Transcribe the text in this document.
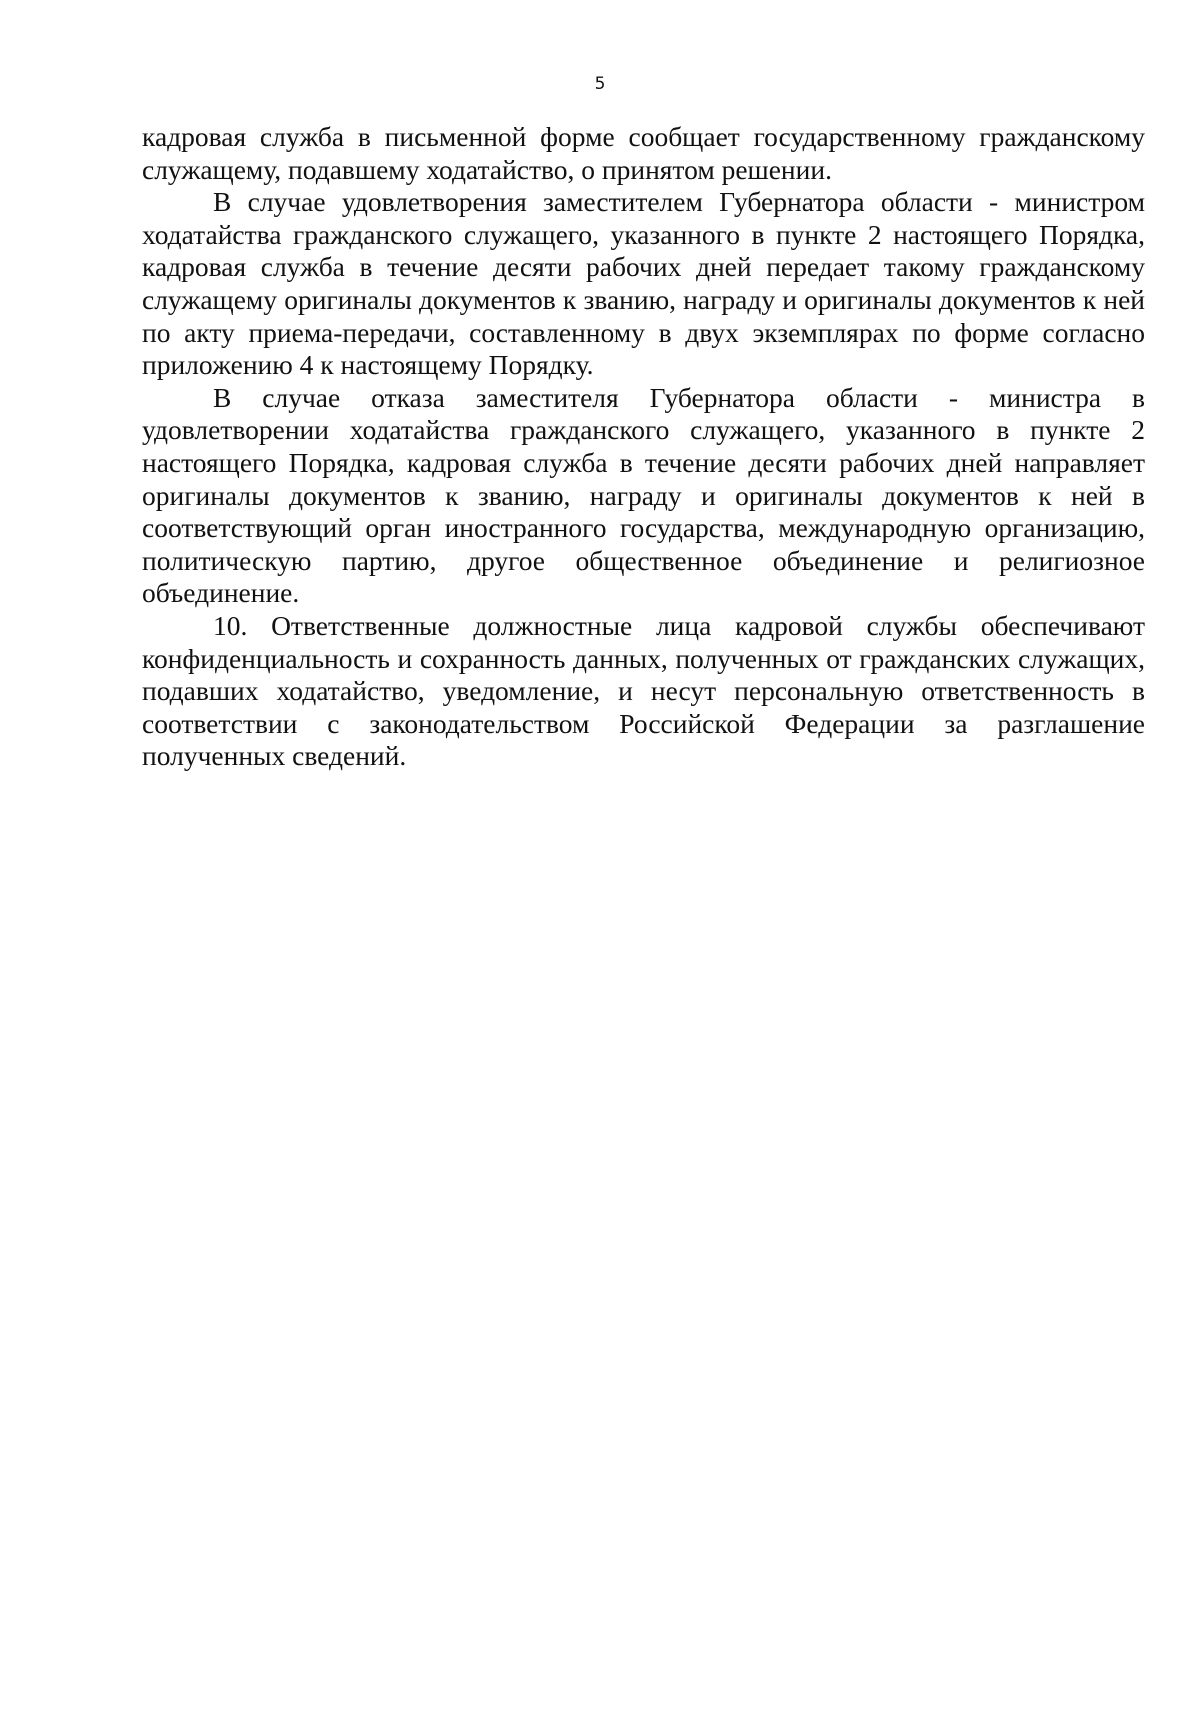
5

кадровая служба в письменной форме сообщает государственному гражданскому служащему, подавшему ходатайство, о принятом решении.

В случае удовлетворения заместителем Губернатора области - министром ходатайства гражданского служащего, указанного в пункте 2 настоящего Порядка, кадровая служба в течение десяти рабочих дней передает такому гражданскому служащему оригиналы документов к званию, награду и оригиналы документов к ней по акту приема-передачи, составленному в двух экземплярах по форме согласно приложению 4 к настоящему Порядку.

В случае отказа заместителя Губернатора области - министра в удовлетворении ходатайства гражданского служащего, указанного в пункте 2 настоящего Порядка, кадровая служба в течение десяти рабочих дней направляет оригиналы документов к званию, награду и оригиналы документов к ней в соответствующий орган иностранного государства, международную организацию, политическую партию, другое общественное объединение и религиозное объединение.

10. Ответственные должностные лица кадровой службы обеспечивают конфиденциальность и сохранность данных, полученных от гражданских служащих, подавших ходатайство, уведомление, и несут персональную ответственность в соответствии с законодательством Российской Федерации за разглашение полученных сведений.
